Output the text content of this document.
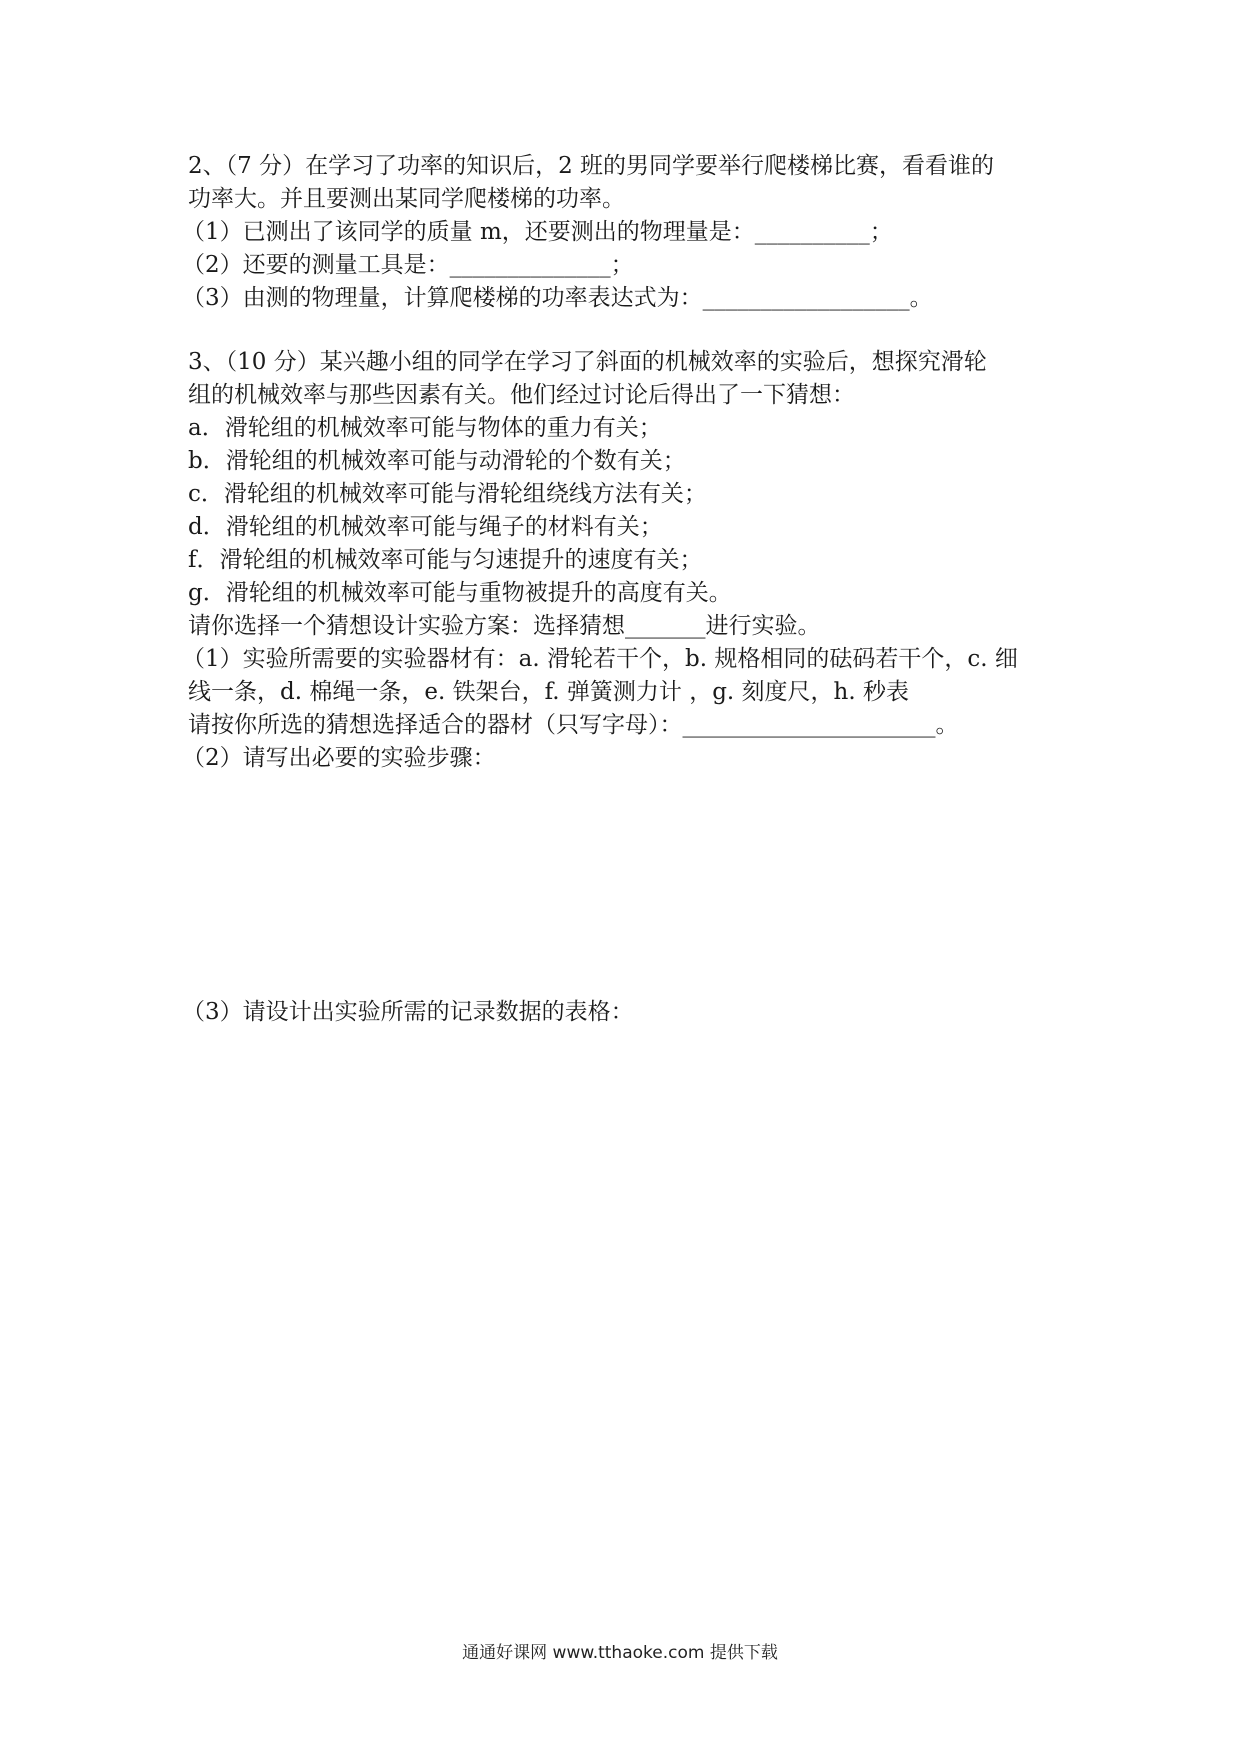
2、（7 分）在学习了功率的知识后，2 班的男同学要举行爬楼梯比赛，看看谁的
功率大。并且要测出某同学爬楼梯的功率。
（1）已测出了该同学的质量 m，还要测出的物理量是：__________；
（2）还要的测量工具是：______________；
（3）由测的物理量，计算爬楼梯的功率表达式为：__________________。
3、（10 分）某兴趣小组的同学在学习了斜面的机械效率的实验后，想探究滑轮
组的机械效率与那些因素有关。他们经过讨论后得出了一下猜想：
a．滑轮组的机械效率可能与物体的重力有关；
b．滑轮组的机械效率可能与动滑轮的个数有关；
c．滑轮组的机械效率可能与滑轮组绕线方法有关；
d．滑轮组的机械效率可能与绳子的材料有关；
f．滑轮组的机械效率可能与匀速提升的速度有关；
g．滑轮组的机械效率可能与重物被提升的高度有关。
请你选择一个猜想设计实验方案：选择猜想_______进行实验。
（1）实验所需要的实验器材有：a. 滑轮若干个，b. 规格相同的砝码若干个，c. 细
线一条，d. 棉绳一条，e. 铁架台，f. 弹簧测力计 ，g. 刻度尺，h. 秒表
请按你所选的猜想选择适合的器材（只写字母）：______________________。
（2）请写出必要的实验步骤：
（3）请设计出实验所需的记录数据的表格：
通通好课网 www.tthaoke.com 提供下载
